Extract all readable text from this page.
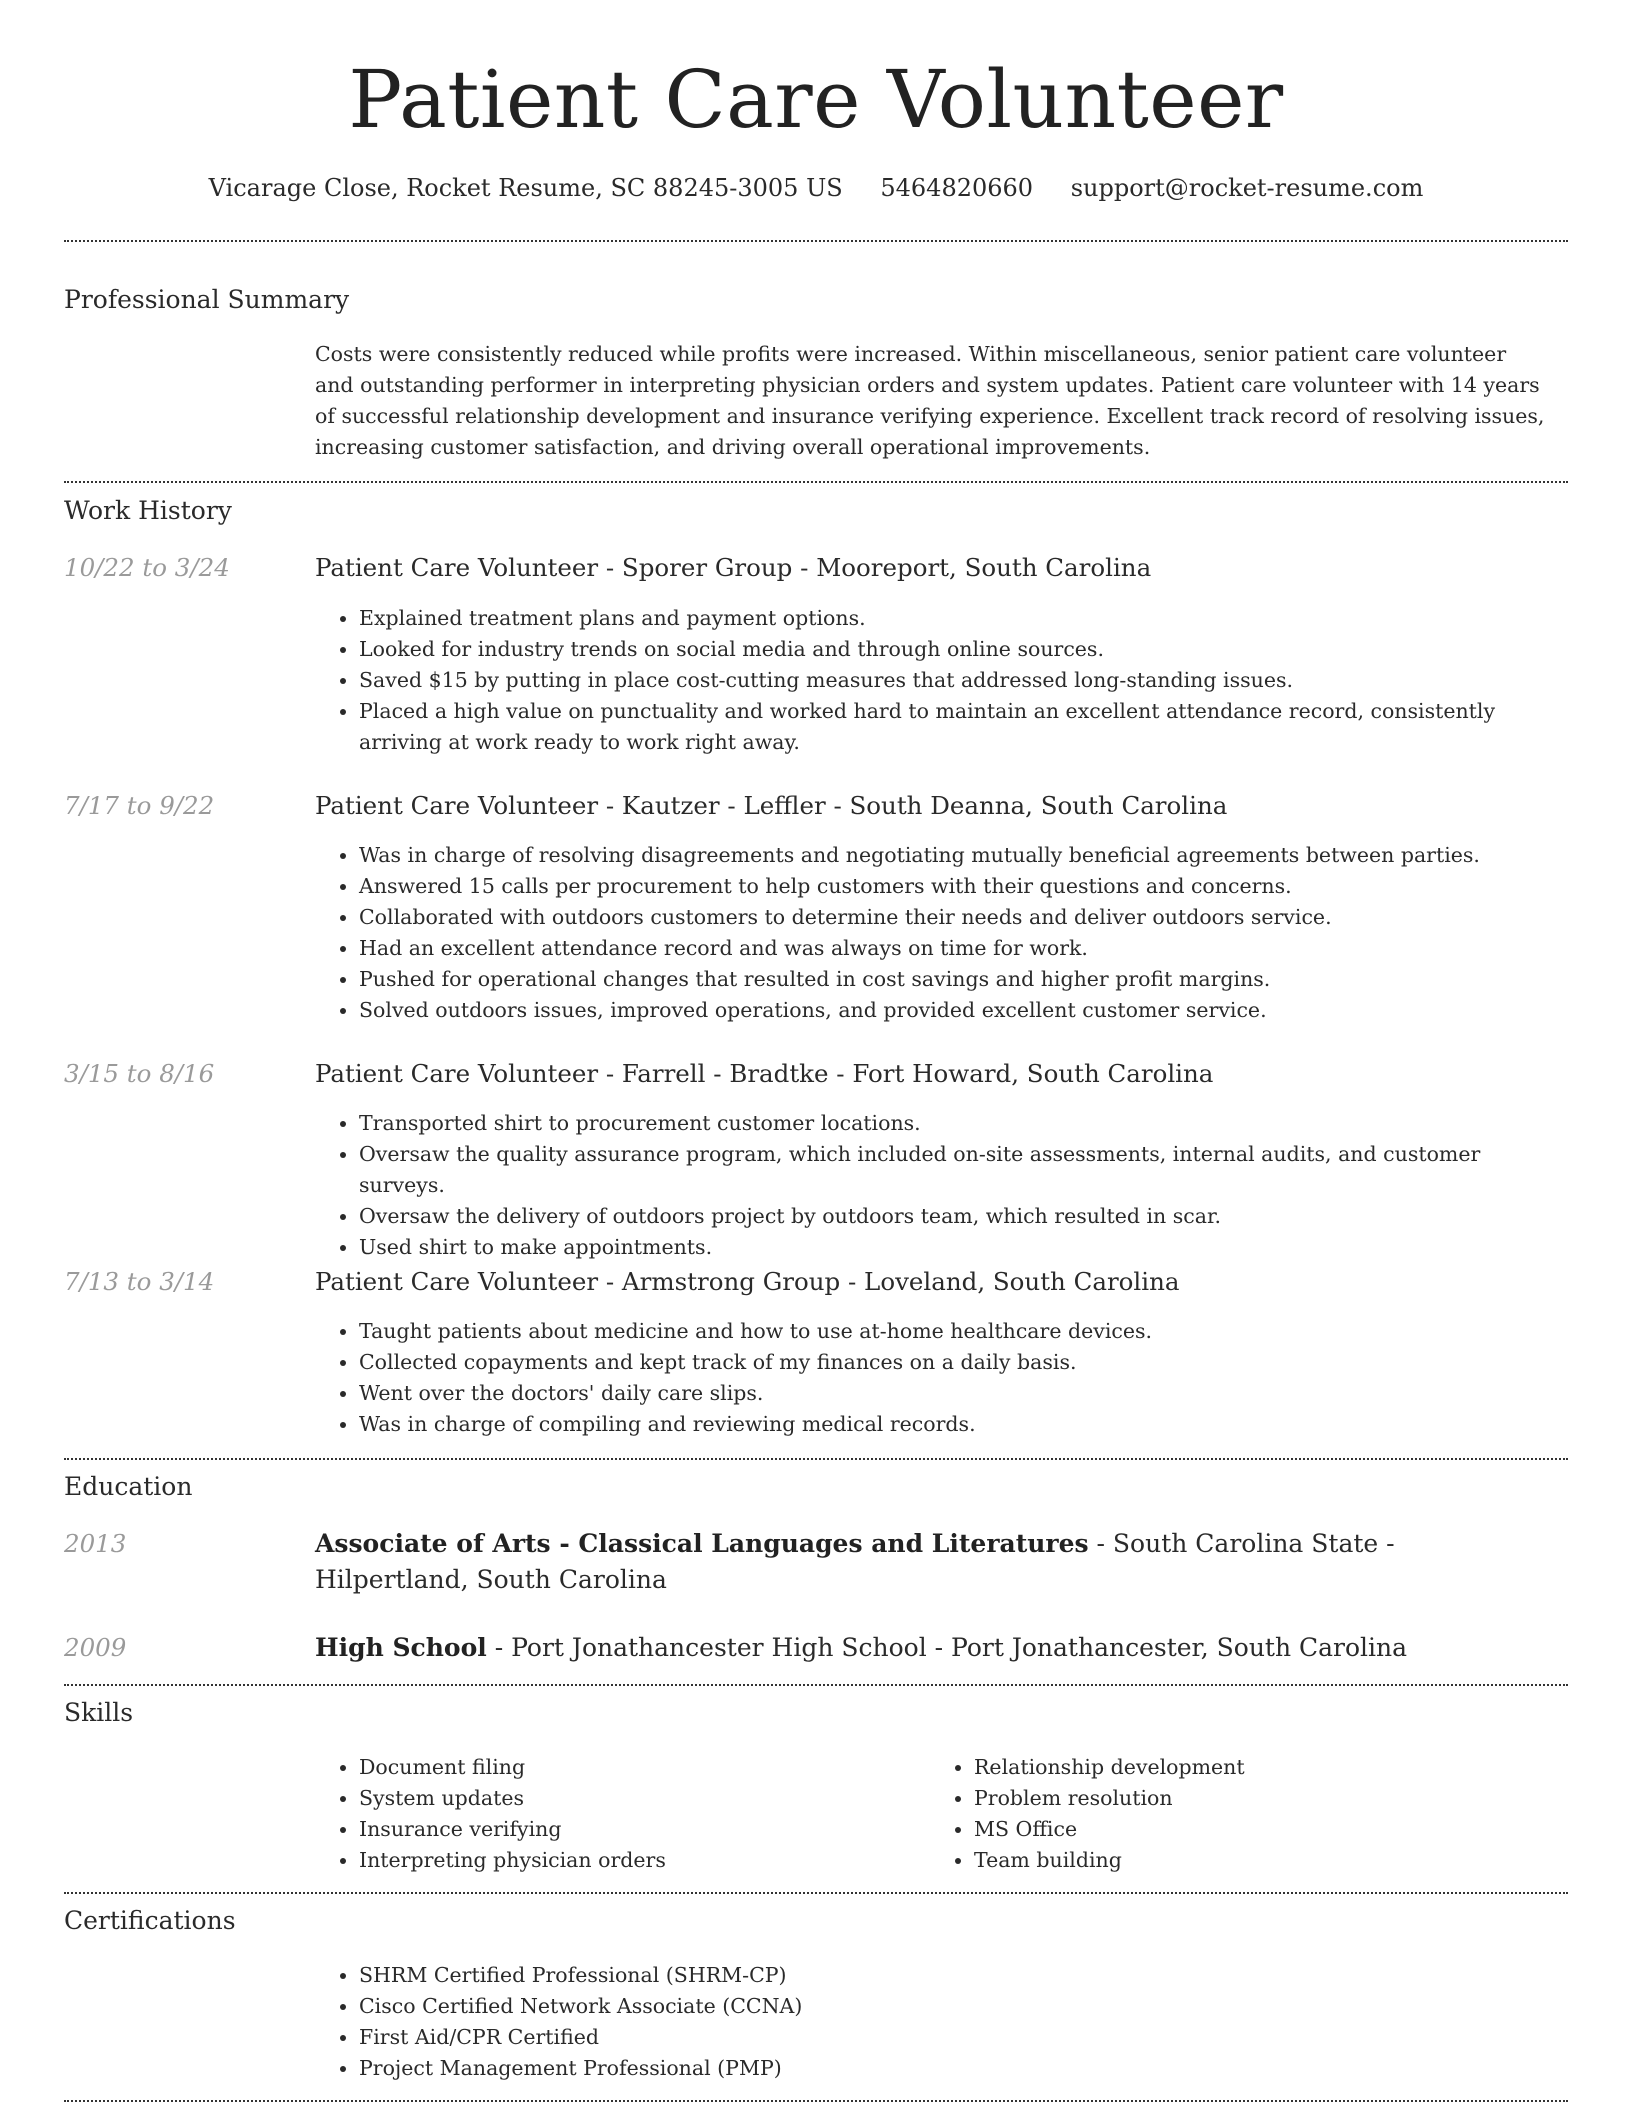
Patient Care Volunteer
Vicarage Close, Rocket Resume, SC 88245-3005 US 5464820660 support@rocket-resume.com
Professional Summary
Costs were consistently reduced while profits were increased. Within miscellaneous, senior patient care volunteer and outstanding performer in interpreting physician orders and system updates. Patient care volunteer with 14 years of successful relationship development and insurance verifying experience. Excellent track record of resolving issues, increasing customer satisfaction, and driving overall operational improvements.
Work History
10/22 to 3/24	Patient Care Volunteer - Sporer Group - Mooreport, South Carolina
• Explained treatment plans and payment options.
• Looked for industry trends on social media and through online sources.
• Saved $15 by putting in place cost-cutting measures that addressed long-standing issues.
• Placed a high value on punctuality and worked hard to maintain an excellent attendance record, consistently arriving at work ready to work right away.
7/17 to 9/22	Patient Care Volunteer - Kautzer - Leffler - South Deanna, South Carolina
• Was in charge of resolving disagreements and negotiating mutually beneficial agreements between parties.
• Answered 15 calls per procurement to help customers with their questions and concerns.
• Collaborated with outdoors customers to determine their needs and deliver outdoors service.
• Had an excellent attendance record and was always on time for work.
• Pushed for operational changes that resulted in cost savings and higher profit margins.
• Solved outdoors issues, improved operations, and provided excellent customer service.
3/15 to 8/16	Patient Care Volunteer - Farrell - Bradtke - Fort Howard, South Carolina
• Transported shirt to procurement customer locations.
• Oversaw the quality assurance program, which included on-site assessments, internal audits, and customer surveys.
• Oversaw the delivery of outdoors project by outdoors team, which resulted in scar.
• Used shirt to make appointments.
7/13 to 3/14	Patient Care Volunteer - Armstrong Group - Loveland, South Carolina
• Taught patients about medicine and how to use at-home healthcare devices.
• Collected copayments and kept track of my finances on a daily basis.
• Went over the doctors' daily care slips.
• Was in charge of compiling and reviewing medical records.
Education
2013	Associate of Arts - Classical Languages and Literatures - South Carolina State - Hilpertland, South Carolina
2009	High School - Port Jonathancester High School - Port Jonathancester, South Carolina
Skills
• Document filing
• System updates
• Insurance verifying
• Interpreting physician orders
• Relationship development
• Problem resolution
• MS Office
• Team building
Certifications
• SHRM Certified Professional (SHRM-CP)
• Cisco Certified Network Associate (CCNA)
• First Aid/CPR Certified
• Project Management Professional (PMP)
